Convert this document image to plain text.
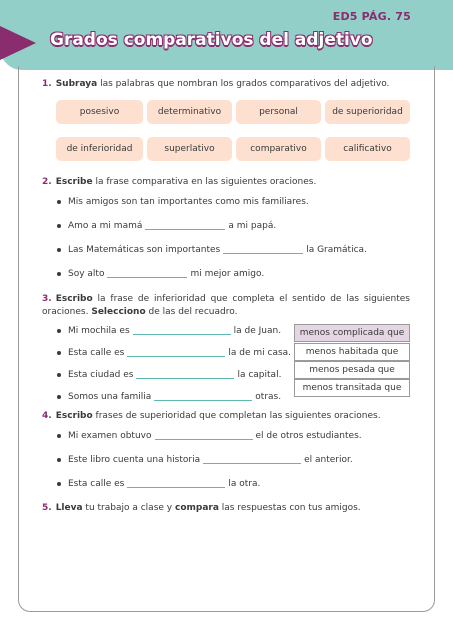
ED5 PÁG. 75
Grados comparativos del adjetivo
1. Subraya las palabras que nombran los grados comparativos del adjetivo.
posesivo	determinativo	personal	de superioridad
de inferioridad	superlativo	comparativo	calificativo
2. Escribe la frase comparativa en las siguientes oraciones.
Mis amigos son tan importantes como mis familiares.
Amo a mi mamá	a mi papá.
Las Matemáticas son importantes	la Gramática.
Soy alto	mi mejor amigo.
3. Escribo la frase de inferioridad que completa el sentido de las siguientes oraciones. Selecciono de las del recuadro.
Mi mochila es	la de Juan.
Esta calle es	la de mi casa.
Esta ciudad es	la capital.
Somos una familia	otras.
menos complicada que
menos habitada que
menos pesada que
menos transitada que
4. Escribo frases de superioridad que completan las siguientes oraciones.
Mi examen obtuvo	el de otros estudiantes.
Este libro cuenta una historia	el anterior.
Esta calle es	la otra.
5. Lleva tu trabajo a clase y compara las respuestas con tus amigos.
